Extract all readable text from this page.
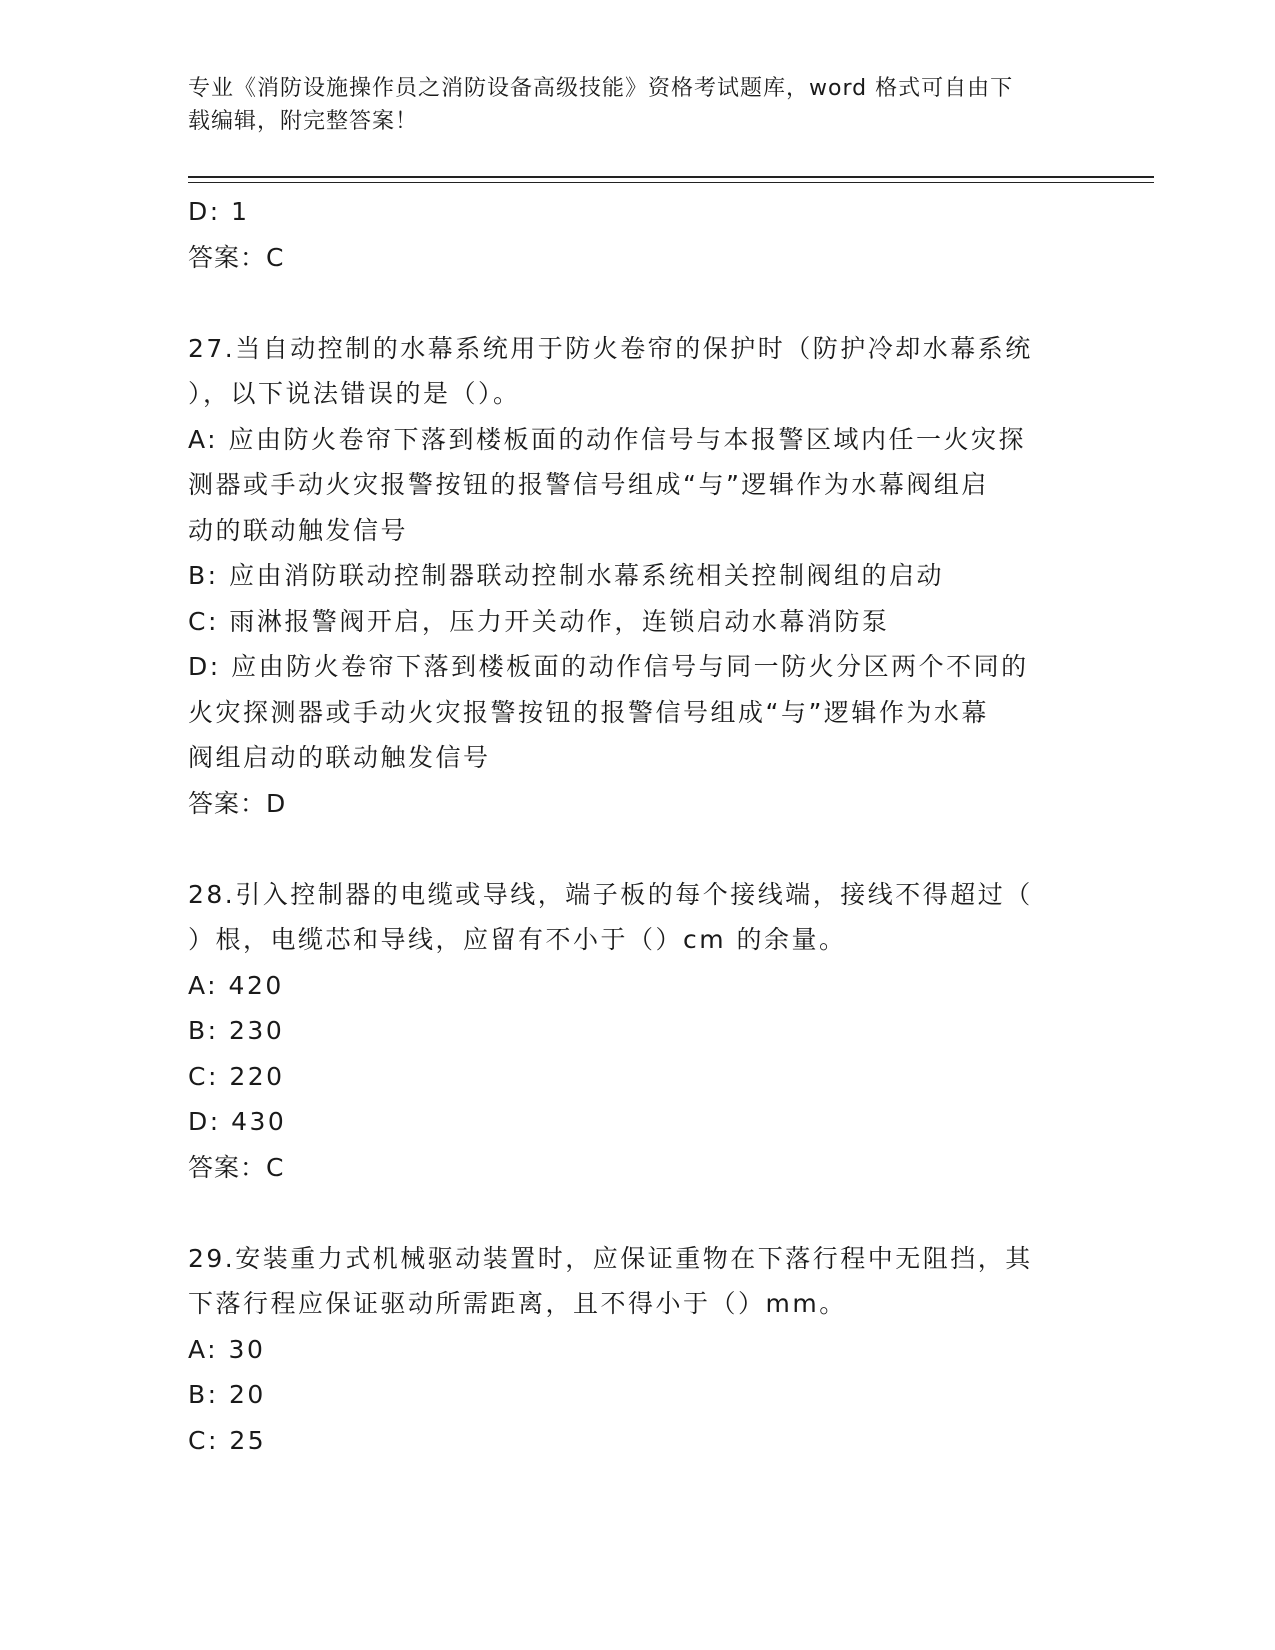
专业《消防设施操作员之消防设备高级技能》资格考试题库，word 格式可自由下
载编辑，附完整答案！
D: 1
答案：C
27.当自动控制的水幕系统用于防火卷帘的保护时（防护冷却水幕系统
），以下说法错误的是（）。
A: 应由防火卷帘下落到楼板面的动作信号与本报警区域内任一火灾探
测器或手动火灾报警按钮的报警信号组成“与”逻辑作为水幕阀组启
动的联动触发信号
B: 应由消防联动控制器联动控制水幕系统相关控制阀组的启动
C: 雨淋报警阀开启，压力开关动作，连锁启动水幕消防泵
D: 应由防火卷帘下落到楼板面的动作信号与同一防火分区两个不同的
火灾探测器或手动火灾报警按钮的报警信号组成“与”逻辑作为水幕
阀组启动的联动触发信号
答案：D
28.引入控制器的电缆或导线，端子板的每个接线端，接线不得超过（
）根，电缆芯和导线，应留有不小于（）cm 的余量。
A: 420
B: 230
C: 220
D: 430
答案：C
29.安装重力式机械驱动装置时，应保证重物在下落行程中无阻挡，其
下落行程应保证驱动所需距离，且不得小于（）mm。
A: 30
B: 20
C: 25
